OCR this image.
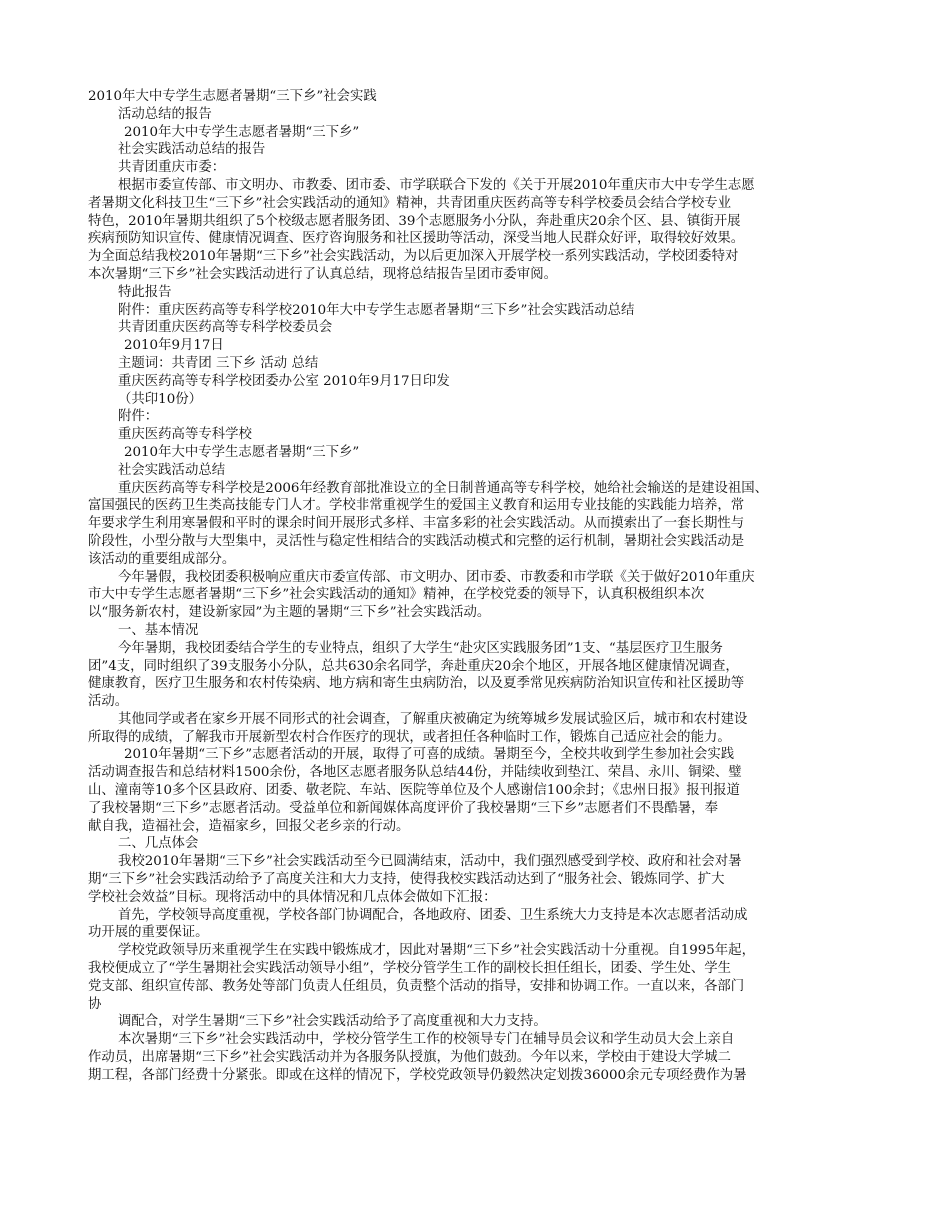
2010年大中专学生志愿者暑期“三下乡”社会实践
活动总结的报告
2010年大中专学生志愿者暑期“三下乡”
社会实践活动总结的报告
共青团重庆市委：
根据市委宣传部、市文明办、市教委、团市委、市学联联合下发的《关于开展2010年重庆市大中专学生志愿
者暑期文化科技卫生“三下乡”社会实践活动的通知》精神，共青团重庆医药高等专科学校委员会结合学校专业
特色，2010年暑期共组织了5个校级志愿者服务团、39个志愿服务小分队，奔赴重庆20余个区、县、镇街开展
疾病预防知识宣传、健康情况调查、医疗咨询服务和社区援助等活动，深受当地人民群众好评，取得较好效果。
为全面总结我校2010年暑期“三下乡”社会实践活动，为以后更加深入开展学校一系列实践活动，学校团委特对
本次暑期“三下乡”社会实践活动进行了认真总结，现将总结报告呈团市委审阅。
特此报告
附件：重庆医药高等专科学校2010年大中专学生志愿者暑期“三下乡”社会实践活动总结
共青团重庆医药高等专科学校委员会
2010年9月17日
主题词：共青团 三下乡 活动 总结
重庆医药高等专科学校团委办公室 2010年9月17日印发
（共印10份）
附件：
重庆医药高等专科学校
2010年大中专学生志愿者暑期“三下乡”
社会实践活动总结
重庆医药高等专科学校是2006年经教育部批准设立的全日制普通高等专科学校，她给社会输送的是建设祖国、
富国强民的医药卫生类高技能专门人才。学校非常重视学生的爱国主义教育和运用专业技能的实践能力培养，常
年要求学生利用寒暑假和平时的课余时间开展形式多样、丰富多彩的社会实践活动。从而摸索出了一套长期性与
阶段性，小型分散与大型集中，灵活性与稳定性相结合的实践活动模式和完整的运行机制，暑期社会实践活动是
该活动的重要组成部分。
今年暑假，我校团委积极响应重庆市委宣传部、市文明办、团市委、市教委和市学联《关于做好2010年重庆
市大中专学生志愿者暑期“三下乡”社会实践活动的通知》精神，在学校党委的领导下，认真积极组织本次
以“服务新农村，建设新家园”为主题的暑期“三下乡”社会实践活动。
一、基本情况
今年暑期，我校团委结合学生的专业特点，组织了大学生“赴灾区实践服务团”1支、“基层医疗卫生服务
团”4支，同时组织了39支服务小分队，总共630余名同学，奔赴重庆20余个地区，开展各地区健康情况调查，
健康教育，医疗卫生服务和农村传染病、地方病和寄生虫病防治，以及夏季常见疾病防治知识宣传和社区援助等
活动。
其他同学或者在家乡开展不同形式的社会调查，了解重庆被确定为统筹城乡发展试验区后，城市和农村建设
所取得的成绩，了解我市开展新型农村合作医疗的现状，或者担任各种临时工作，锻炼自己适应社会的能力。
2010年暑期“三下乡”志愿者活动的开展，取得了可喜的成绩。暑期至今，全校共收到学生参加社会实践
活动调查报告和总结材料1500余份，各地区志愿者服务队总结44份，并陆续收到垫江、荣昌、永川、铜梁、璧
山、潼南等10多个区县政府、团委、敬老院、车站、医院等单位及个人感谢信100余封；《忠州日报》报刊报道
了我校暑期“三下乡”志愿者活动。受益单位和新闻媒体高度评价了我校暑期“三下乡”志愿者们不畏酷暑，奉
献自我，造福社会，造福家乡，回报父老乡亲的行动。
二、几点体会
我校2010年暑期“三下乡”社会实践活动至今已圆满结束，活动中，我们强烈感受到学校、政府和社会对暑
期“三下乡”社会实践活动给予了高度关注和大力支持，使得我校实践活动达到了“服务社会、锻炼同学、扩大
学校社会效益”目标。现将活动中的具体情况和几点体会做如下汇报：
首先，学校领导高度重视，学校各部门协调配合，各地政府、团委、卫生系统大力支持是本次志愿者活动成
功开展的重要保证。
学校党政领导历来重视学生在实践中锻炼成才，因此对暑期“三下乡”社会实践活动十分重视。自1995年起，
我校便成立了“学生暑期社会实践活动领导小组”，学校分管学生工作的副校长担任组长，团委、学生处、学生
党支部、组织宣传部、教务处等部门负责人任组员，负责整个活动的指导，安排和协调工作。一直以来，各部门
协
调配合，对学生暑期“三下乡”社会实践活动给予了高度重视和大力支持。
本次暑期“三下乡”社会实践活动中，学校分管学生工作的校领导专门在辅导员会议和学生动员大会上亲自
作动员，出席暑期“三下乡”社会实践活动并为各服务队授旗，为他们鼓劲。今年以来，学校由于建设大学城二
期工程，各部门经费十分紧张。即或在这样的情况下，学校党政领导仍毅然决定划拨36000余元专项经费作为暑
